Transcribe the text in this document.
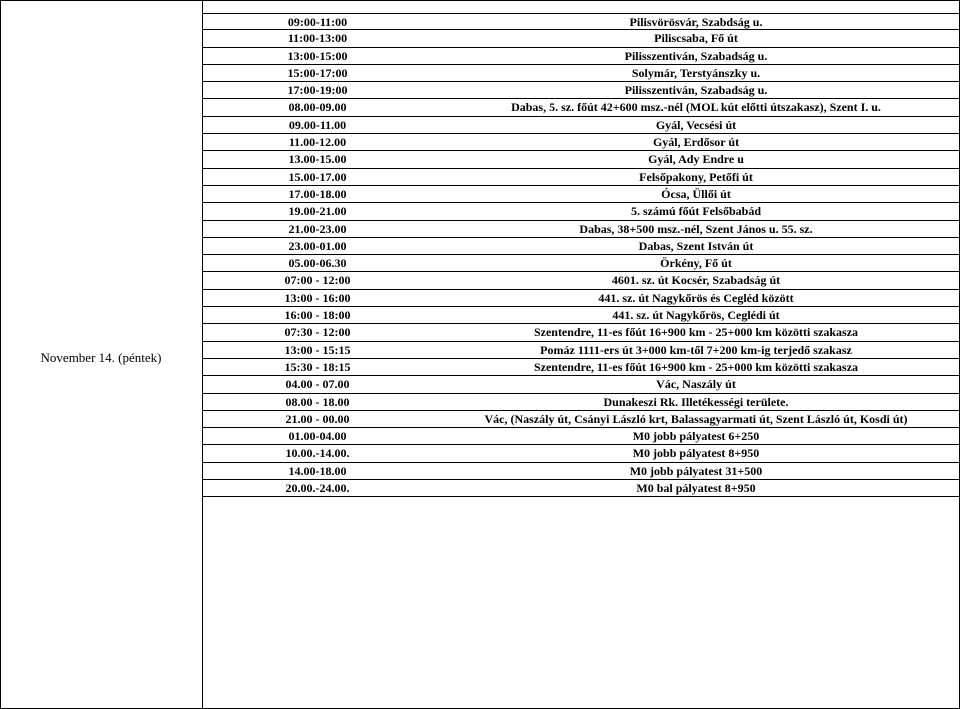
November 14. (péntek)
09:00-11:00	Pilisvörösvár, Szabdság u.
11:00-13:00	Piliscsaba, Fő út
13:00-15:00	Pilisszentiván, Szabadság u.
15:00-17:00	Solymár, Terstyánszky u.
17:00-19:00	Pilisszentiván, Szabadság u.
08.00-09.00	Dabas, 5. sz. főút 42+600 msz.-nél (MOL kút előtti útszakasz), Szent I. u.
09.00-11.00	Gyál, Vecsési út
11.00-12.00	Gyál, Erdősor út
13.00-15.00	Gyál, Ady Endre u
15.00-17.00	Felsőpakony, Petőfi út
17.00-18.00	Ócsa, Üllői út
19.00-21.00	5. számú főút Felsőbabád
21.00-23.00	Dabas, 38+500 msz.-nél, Szent János u. 55. sz.
23.00-01.00	Dabas, Szent István út
05.00-06.30	Örkény, Fő út
07:00 - 12:00	4601. sz. út Kocsér, Szabadság út
13:00 - 16:00	441. sz. út Nagykőrös és Cegléd között
16:00 - 18:00	441. sz. út Nagykőrös, Ceglédi út
07:30 - 12:00	Szentendre, 11-es főút 16+900 km - 25+000 km közötti szakasza
13:00 - 15:15	Pomáz 1111-ers út 3+000 km-től 7+200 km-ig terjedő szakasz
15:30 - 18:15	Szentendre, 11-es főút 16+900 km - 25+000 km közötti szakasza
04.00 - 07.00	Vác, Naszály út
08.00 - 18.00	Dunakeszi Rk. Illetékességi területe.
21.00 - 00.00	Vác, (Naszály út, Csányi László krt, Balassagyarmati út, Szent László út, Kosdi út)
01.00-04.00	M0 jobb pályatest 6+250
10.00.-14.00.	M0 jobb pályatest 8+950
14.00-18.00	M0 jobb pályatest 31+500
20.00.-24.00.	M0 bal pályatest 8+950
